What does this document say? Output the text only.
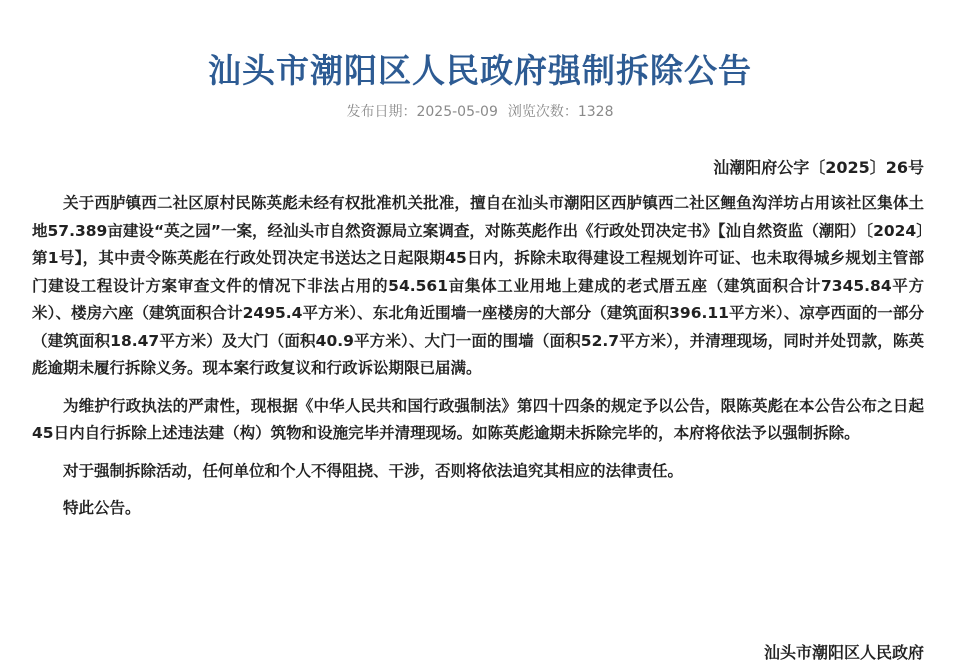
汕头市潮阳区人民政府强制拆除公告
发布日期：2025-05-09 浏览次数：1328
汕潮阳府公字〔2025〕26号

关于西胪镇西二社区原村民陈英彪未经有权批准机关批准，擅自在汕头市潮阳区西胪镇西二社区鲤鱼沟洋坊占用该社区集体土地57.389亩建设“英之园”一案，经汕头市自然资源局立案调查，对陈英彪作出《行政处罚决定书》【汕自然资监（潮阳）〔2024〕第1号】，其中责令陈英彪在行政处罚决定书送达之日起限期45日内，拆除未取得建设工程规划许可证、也未取得城乡规划主管部门建设工程设计方案审查文件的情况下非法占用的54.561亩集体工业用地上建成的老式厝五座（建筑面积合计7345.84平方米）、楼房六座（建筑面积合计2495.4平方米）、东北角近围墙一座楼房的大部分（建筑面积396.11平方米）、凉亭西面的一部分（建筑面积18.47平方米）及大门（面积40.9平方米）、大门一面的围墙（面积52.7平方米），并清理现场，同时并处罚款，陈英彪逾期未履行拆除义务。现本案行政复议和行政诉讼期限已届满。

为维护行政执法的严肃性，现根据《中华人民共和国行政强制法》第四十四条的规定予以公告，限陈英彪在本公告公布之日起45日内自行拆除上述违法建（构）筑物和设施完毕并清理现场。如陈英彪逾期未拆除完毕的，本府将依法予以强制拆除。

对于强制拆除活动，任何单位和个人不得阻挠、干涉，否则将依法追究其相应的法律责任。

特此公告。

汕头市潮阳区人民政府
